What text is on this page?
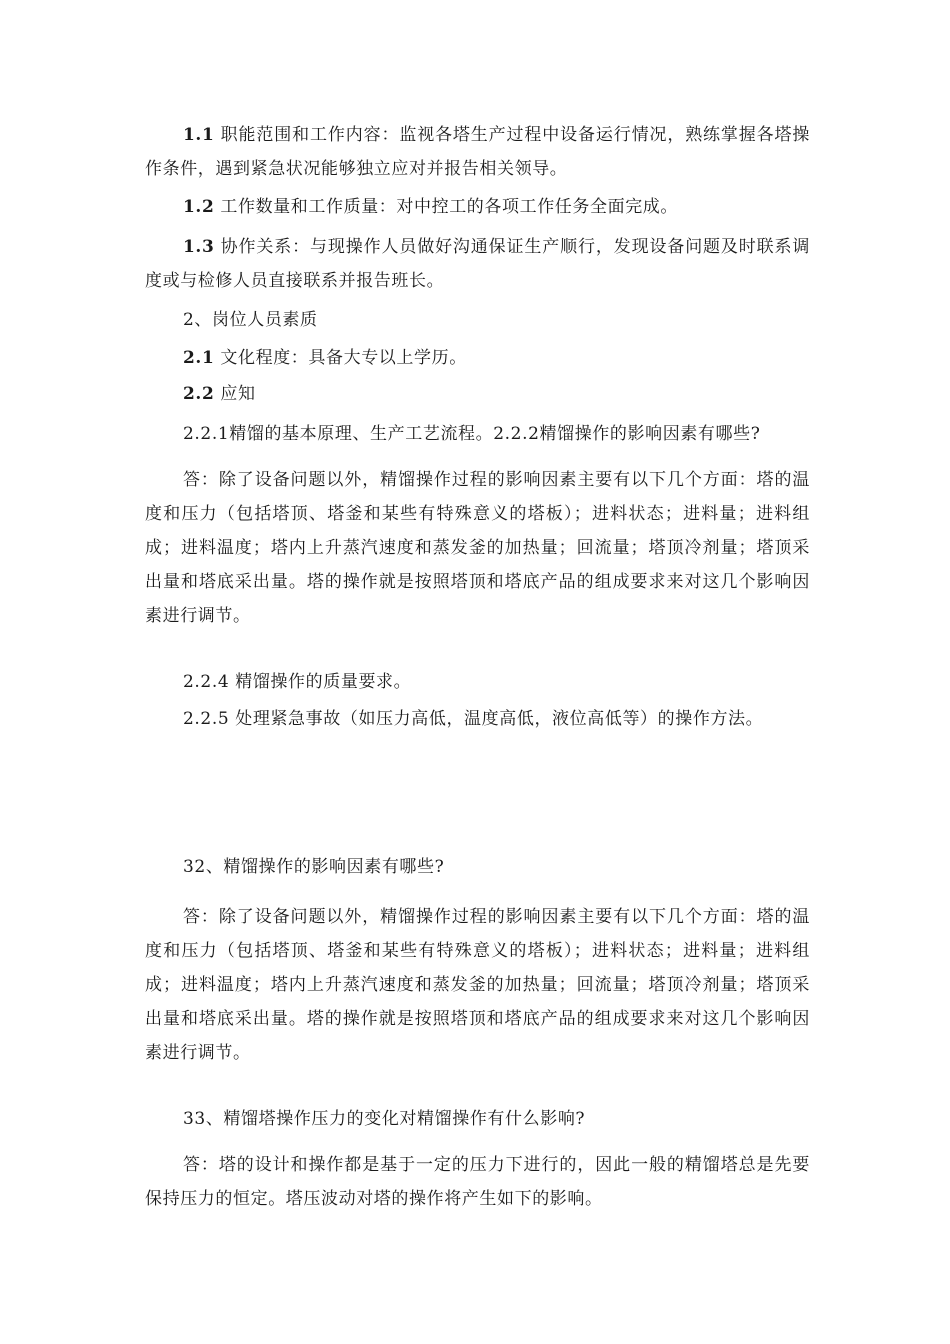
1.1 职能范围和工作内容：监视各塔生产过程中设备运行情况，熟练掌握各塔操作条件，遇到紧急状况能够独立应对并报告相关领导。

1.2 工作数量和工作质量：对中控工的各项工作任务全面完成。

1.3 协作关系：与现操作人员做好沟通保证生产顺行，发现设备问题及时联系调度或与检修人员直接联系并报告班长。

2、岗位人员素质

2.1 文化程度：具备大专以上学历。

2.2 应知

2.2.1精馏的基本原理、生产工艺流程。2.2.2精馏操作的影响因素有哪些?

答：除了设备问题以外，精馏操作过程的影响因素主要有以下几个方面：塔的温度和压力（包括塔顶、塔釜和某些有特殊意义的塔板）；进料状态；进料量；进料组成；进料温度；塔内上升蒸汽速度和蒸发釜的加热量；回流量；塔顶冷剂量；塔顶采出量和塔底采出量。塔的操作就是按照塔顶和塔底产品的组成要求来对这几个影响因素进行调节。

2.2.4 精馏操作的质量要求。

2.2.5 处理紧急事故（如压力高低，温度高低，液位高低等）的操作方法。

32、精馏操作的影响因素有哪些?

答：除了设备问题以外，精馏操作过程的影响因素主要有以下几个方面：塔的温度和压力（包括塔顶、塔釜和某些有特殊意义的塔板）；进料状态；进料量；进料组成；进料温度；塔内上升蒸汽速度和蒸发釜的加热量；回流量；塔顶冷剂量；塔顶采出量和塔底采出量。塔的操作就是按照塔顶和塔底产品的组成要求来对这几个影响因素进行调节。

33、精馏塔操作压力的变化对精馏操作有什么影响?

答：塔的设计和操作都是基于一定的压力下进行的，因此一般的精馏塔总是先要保持压力的恒定。塔压波动对塔的操作将产生如下的影响。
